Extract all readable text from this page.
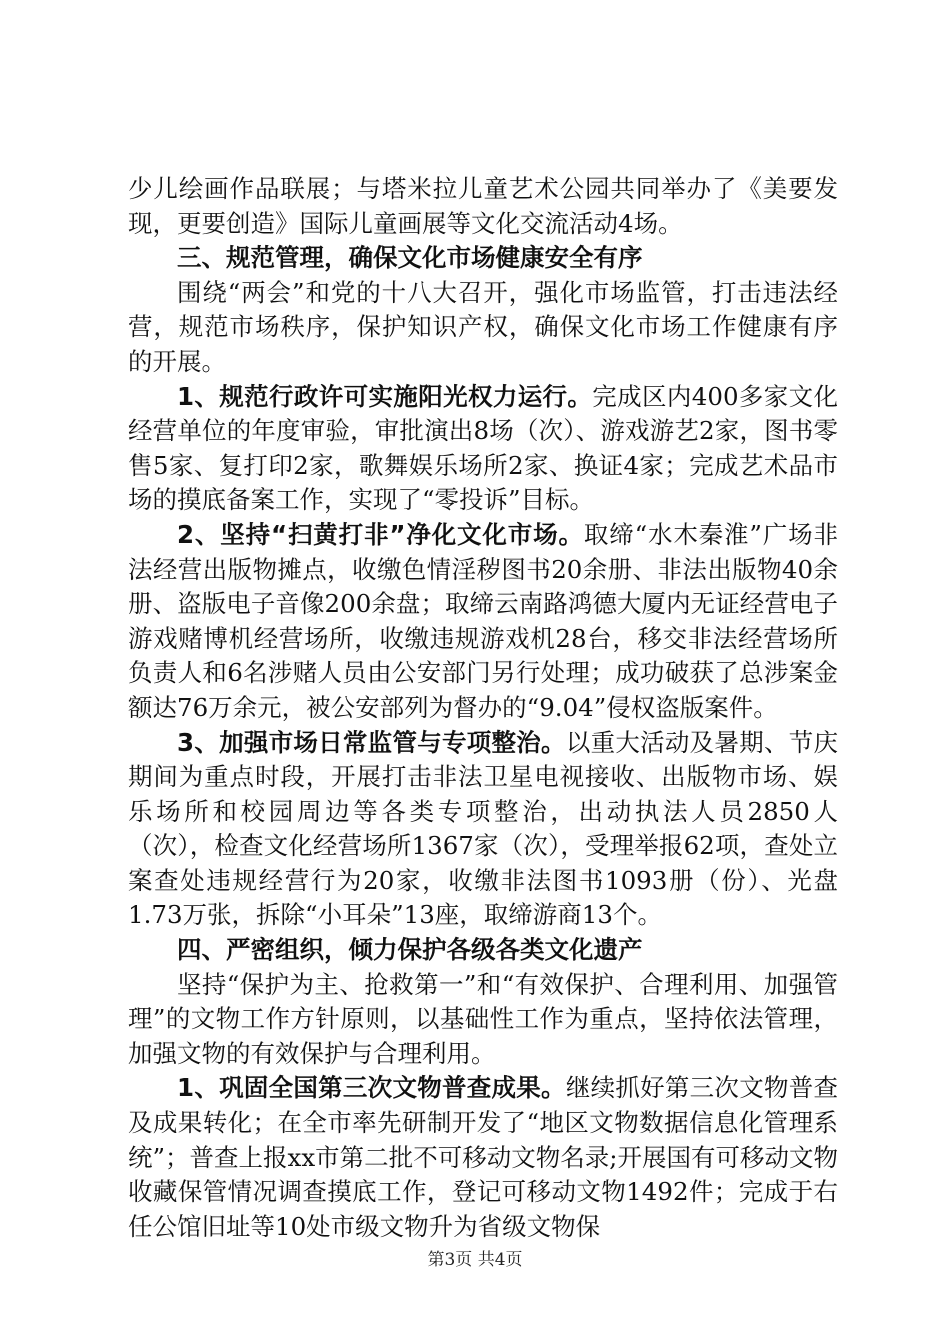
少儿绘画作品联展；与塔米拉儿童艺术公园共同举办了《美要发现，更要创造》国际儿童画展等文化交流活动4场。

三、规范管理，确保文化市场健康安全有序

围绕“两会”和党的十八大召开，强化市场监管，打击违法经营，规范市场秩序，保护知识产权，确保文化市场工作健康有序的开展。

1、规范行政许可实施阳光权力运行。完成区内400多家文化经营单位的年度审验，审批演出8场（次）、游戏游艺2家，图书零售5家、复打印2家，歌舞娱乐场所2家、换证4家；完成艺术品市场的摸底备案工作，实现了“零投诉”目标。

2、坚持“扫黄打非”净化文化市场。取缔“水木秦淮”广场非法经营出版物摊点，收缴色情淫秽图书20余册、非法出版物40余册、盗版电子音像200余盘；取缔云南路鸿德大厦内无证经营电子游戏赌博机经营场所，收缴违规游戏机28台，移交非法经营场所负责人和6名涉赌人员由公安部门另行处理；成功破获了总涉案金额达76万余元，被公安部列为督办的“9.04”侵权盗版案件。

3、加强市场日常监管与专项整治。以重大活动及暑期、节庆期间为重点时段，开展打击非法卫星电视接收、出版物市场、娱乐场所和校园周边等各类专项整治，出动执法人员2850人（次），检查文化经营场所1367家（次），受理举报62项，查处立案查处违规经营行为20家，收缴非法图书1093册（份）、光盘1.73万张，拆除“小耳朵”13座，取缔游商13个。

四、严密组织，倾力保护各级各类文化遗产

坚持“保护为主、抢救第一”和“有效保护、合理利用、加强管理”的文物工作方针原则，以基础性工作为重点，坚持依法管理，加强文物的有效保护与合理利用。

1、巩固全国第三次文物普查成果。继续抓好第三次文物普查及成果转化；在全市率先研制开发了“地区文物数据信息化管理系统”；普查上报xx市第二批不可移动文物名录;开展国有可移动文物收藏保管情况调查摸底工作，登记可移动文物1492件；完成于右任公馆旧址等10处市级文物升为省级文物保

第3页 共4页
